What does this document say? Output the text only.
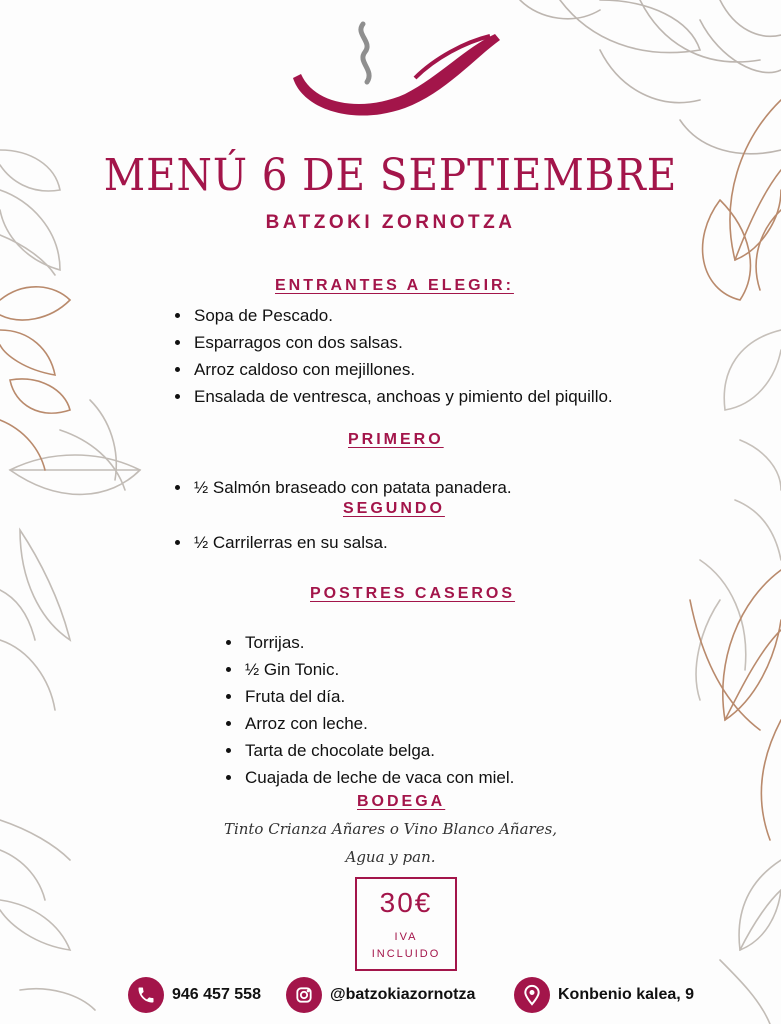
MENÚ 6 DE SEPTIEMBRE
BATZOKI ZORNOTZA
ENTRANTES A ELEGIR:
• Sopa de Pescado.
• Esparragos con dos salsas.
• Arroz caldoso con mejillones.
• Ensalada de ventresca, anchoas y pimiento del piquillo.
PRIMERO
• ½ Salmón braseado con patata panadera.
SEGUNDO
• ½ Carrilerras en su salsa.
POSTRES CASEROS
• Torrijas.
• ½ Gin Tonic.
• Fruta del día.
• Arroz con leche.
• Tarta de chocolate belga.
• Cuajada de leche de vaca con miel.
BODEGA
Tinto Crianza Añares o Vino Blanco Añares,
Agua y pan.
30€
IVA
INCLUIDO
946 457 558	@batzokiazornotza	Konbenio kalea, 9
